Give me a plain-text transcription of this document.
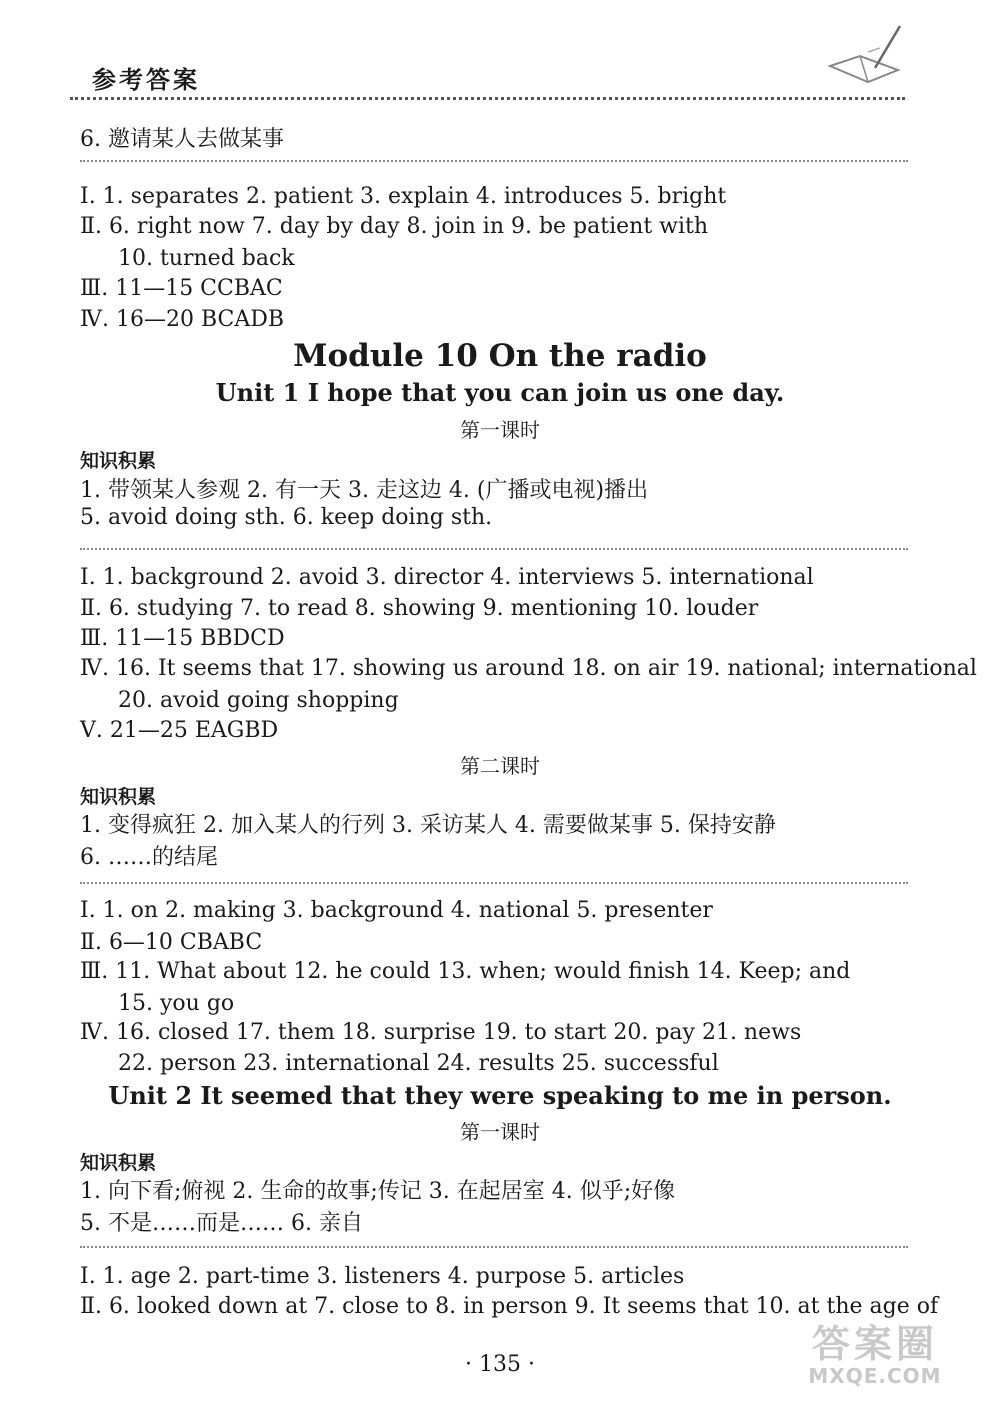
参考答案
6. 邀请某人去做某事
Ⅰ. 1. separates 2. patient 3. explain 4. introduces 5. bright
Ⅱ. 6. right now 7. day by day 8. join in 9. be patient with
10. turned back
Ⅲ. 11—15 CCBAC
Ⅳ. 16—20 BCADB
Module 10 On the radio
Unit 1 I hope that you can join us one day.
第一课时
知识积累
1. 带领某人参观 2. 有一天 3. 走这边 4. (广播或电视)播出
5. avoid doing sth. 6. keep doing sth.
Ⅰ. 1. background 2. avoid 3. director 4. interviews 5. international
Ⅱ. 6. studying 7. to read 8. showing 9. mentioning 10. louder
Ⅲ. 11—15 BBDCD
Ⅳ. 16. It seems that 17. showing us around 18. on air 19. national; international
20. avoid going shopping
Ⅴ. 21—25 EAGBD
第二课时
知识积累
1. 变得疯狂 2. 加入某人的行列 3. 采访某人 4. 需要做某事 5. 保持安静
6. ……的结尾
Ⅰ. 1. on 2. making 3. background 4. national 5. presenter
Ⅱ. 6—10 CBABC
Ⅲ. 11. What about 12. he could 13. when; would finish 14. Keep; and
15. you go
Ⅳ. 16. closed 17. them 18. surprise 19. to start 20. pay 21. news
22. person 23. international 24. results 25. successful
Unit 2 It seemed that they were speaking to me in person.
第一课时
知识积累
1. 向下看;俯视 2. 生命的故事;传记 3. 在起居室 4. 似乎;好像
5. 不是……而是…… 6. 亲自
Ⅰ. 1. age 2. part-time 3. listeners 4. purpose 5. articles
Ⅱ. 6. looked down at 7. close to 8. in person 9. It seems that 10. at the age of
· 135 ·	答案圈
MXQE.COM
